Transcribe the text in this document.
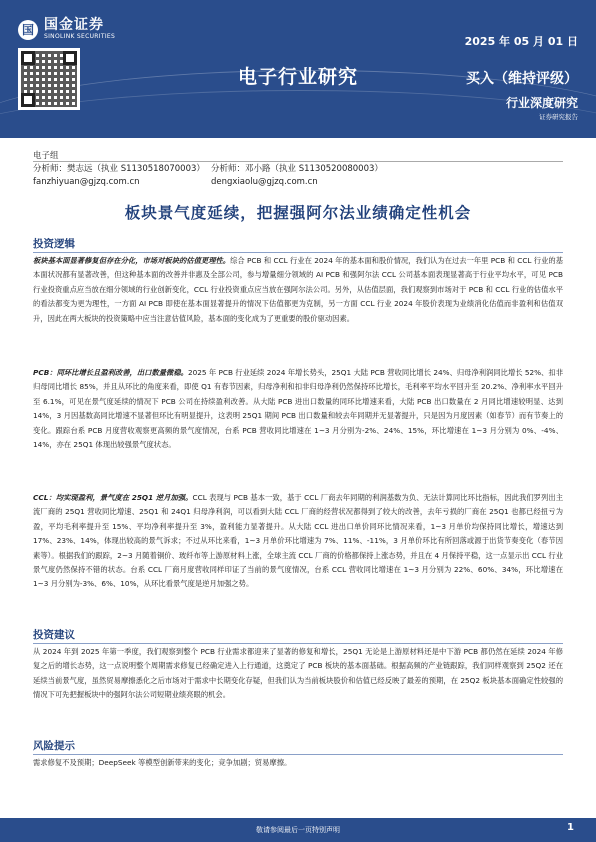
国 国金证券
SINOLINK SECURITIES	2025 年 05 月 01 日
电子行业研究	买入（维持评级）
行业深度研究
证券研究报告
电子组
分析师：樊志远（执业 S1130518070003） 分析师：邓小路（执业 S1130520080003）
fanzhiyuan@gjzq.com.cn	dengxiaolu@gjzq.com.cn
板块景气度延续，把握强阿尔法业绩确定性机会
投资逻辑
板块基本面显著修复但存在分化，市场对板块的估值更理性。综合 PCB 和 CCL 行业在 2024 年的基本面和股价情况，我们认为在过去一年里 PCB 和 CCL 行业的基本面状况都有显著改善，但这种基本面的改善并非惠及全部公司，参与增量细分领域的 AI PCB 和强阿尔法 CCL 公司基本面表现显著高于行业平均水平，可见 PCB 行业投资重点应当放在细分领域的行业创新变化，CCL 行业投资重点应当放在强阿尔法公司。另外，从估值层面，我们观察到市场对于 PCB 和 CCL 行业的估值水平的看法都变为更为理性，一方面 AI PCB 即使在基本面显著提升的情况下估值都更为克制，另一方面 CCL 行业 2024 年股价表现为业绩消化估值而非盈利和估值双升，因此在两大板块的投资策略中应当注意估值风险，基本面的变化成为了更重要的股价驱动因素。
PCB：同环比增长且盈利改善，出口数量微稳。2025 年 PCB 行业延续 2024 年增长势头，25Q1 大陆 PCB 营收同比增长 24%、归母净利润同比增长 52%、扣非归母同比增长 85%，并且从环比的角度来看，即使 Q1 有春节因素，归母净利和扣非归母净利仍然保持环比增长，毛利率平均水平回升至 20.2%、净利率水平回升至 6.1%，可见在景气度延续的情况下 PCB 公司在持续盈利改善。从大陆 PCB 进出口数量的同环比增速来看，大陆 PCB 出口数量在 2 月同比增速较明显、达到 14%，3 月因基数高同比增速不显著但环比有明显提升，这表明 25Q1 期间 PCB 出口数量和较去年同期并无显著提升，只是因为月度因素（如春节）而有节奏上的变化。跟踪台系 PCB 月度营收观察更高频的景气度情况，台系 PCB 营收同比增速在 1~3 月分别为-2%、24%、15%，环比增速在 1~3 月分别为 0%、-4%、14%，亦在 25Q1 体现出较强景气度状态。
CCL：均实现盈利，景气度在 25Q1 逆月加强。CCL 表现与 PCB 基本一致，基于 CCL 厂商去年同期的利润基数为负、无法计算同比环比指标，因此我们罗列出主流厂商的 25Q1 营收同比增速、25Q1 和 24Q1 归母净利润，可以看到大陆 CCL 厂商的经营状况都得到了较大的改善，去年亏损的厂商在 25Q1 也都已经扭亏为盈，平均毛利率提升至 15%、平均净利率提升至 3%，盈利能力显著提升。从大陆 CCL 进出口单价同环比情况来看，1~3 月单价均保持同比增长，增速达到 17%、23%、14%，体现出较高的景气诉求；不过从环比来看，1~3 月单价环比增速为 7%、11%、-11%，3 月单价环比有所回落或源于出货节奏变化（春节因素等）。根据我们的跟踪，2~3 月随着铜价、玻纤布等上游原材料上涨，全球主流 CCL 厂商的价格都保持上涨态势，并且在 4 月保持平稳，这一点显示出 CCL 行业景气度仍然保持不错的状态。台系 CCL 厂商月度营收同样印证了当前的景气度情况，台系 CCL 营收同比增速在 1~3 月分别为 22%、60%、34%，环比增速在 1~3 月分别为-3%、6%、10%，从环比看景气度是逆月加强之势。
投资建议
从 2024 年到 2025 年第一季度，我们观察到整个 PCB 行业需求都迎来了显著的修复和增长，25Q1 无论是上游原材料还是中下游 PCB 都仍然在延续 2024 年修复之后的增长态势，这一点说明整个周期需求修复已经确定进入上行通道，这奠定了 PCB 板块的基本面基础。根据高频的产业链跟踪，我们同样观察到 25Q2 还在延续当前景气度，虽然贸易摩擦悉化之后市场对于需求中长期变化存疑，但我们认为当前板块股价和估值已经反映了最差的预期，在 25Q2 板块基本面确定性较强的情况下可先把握板块中的强阿尔法公司短期业绩亮眼的机会。
风险提示
需求修复不及预期；DeepSeek 等模型创新带来的变化；竞争加剧；贸易摩擦。
敬请参阅最后一页特别声明	1
